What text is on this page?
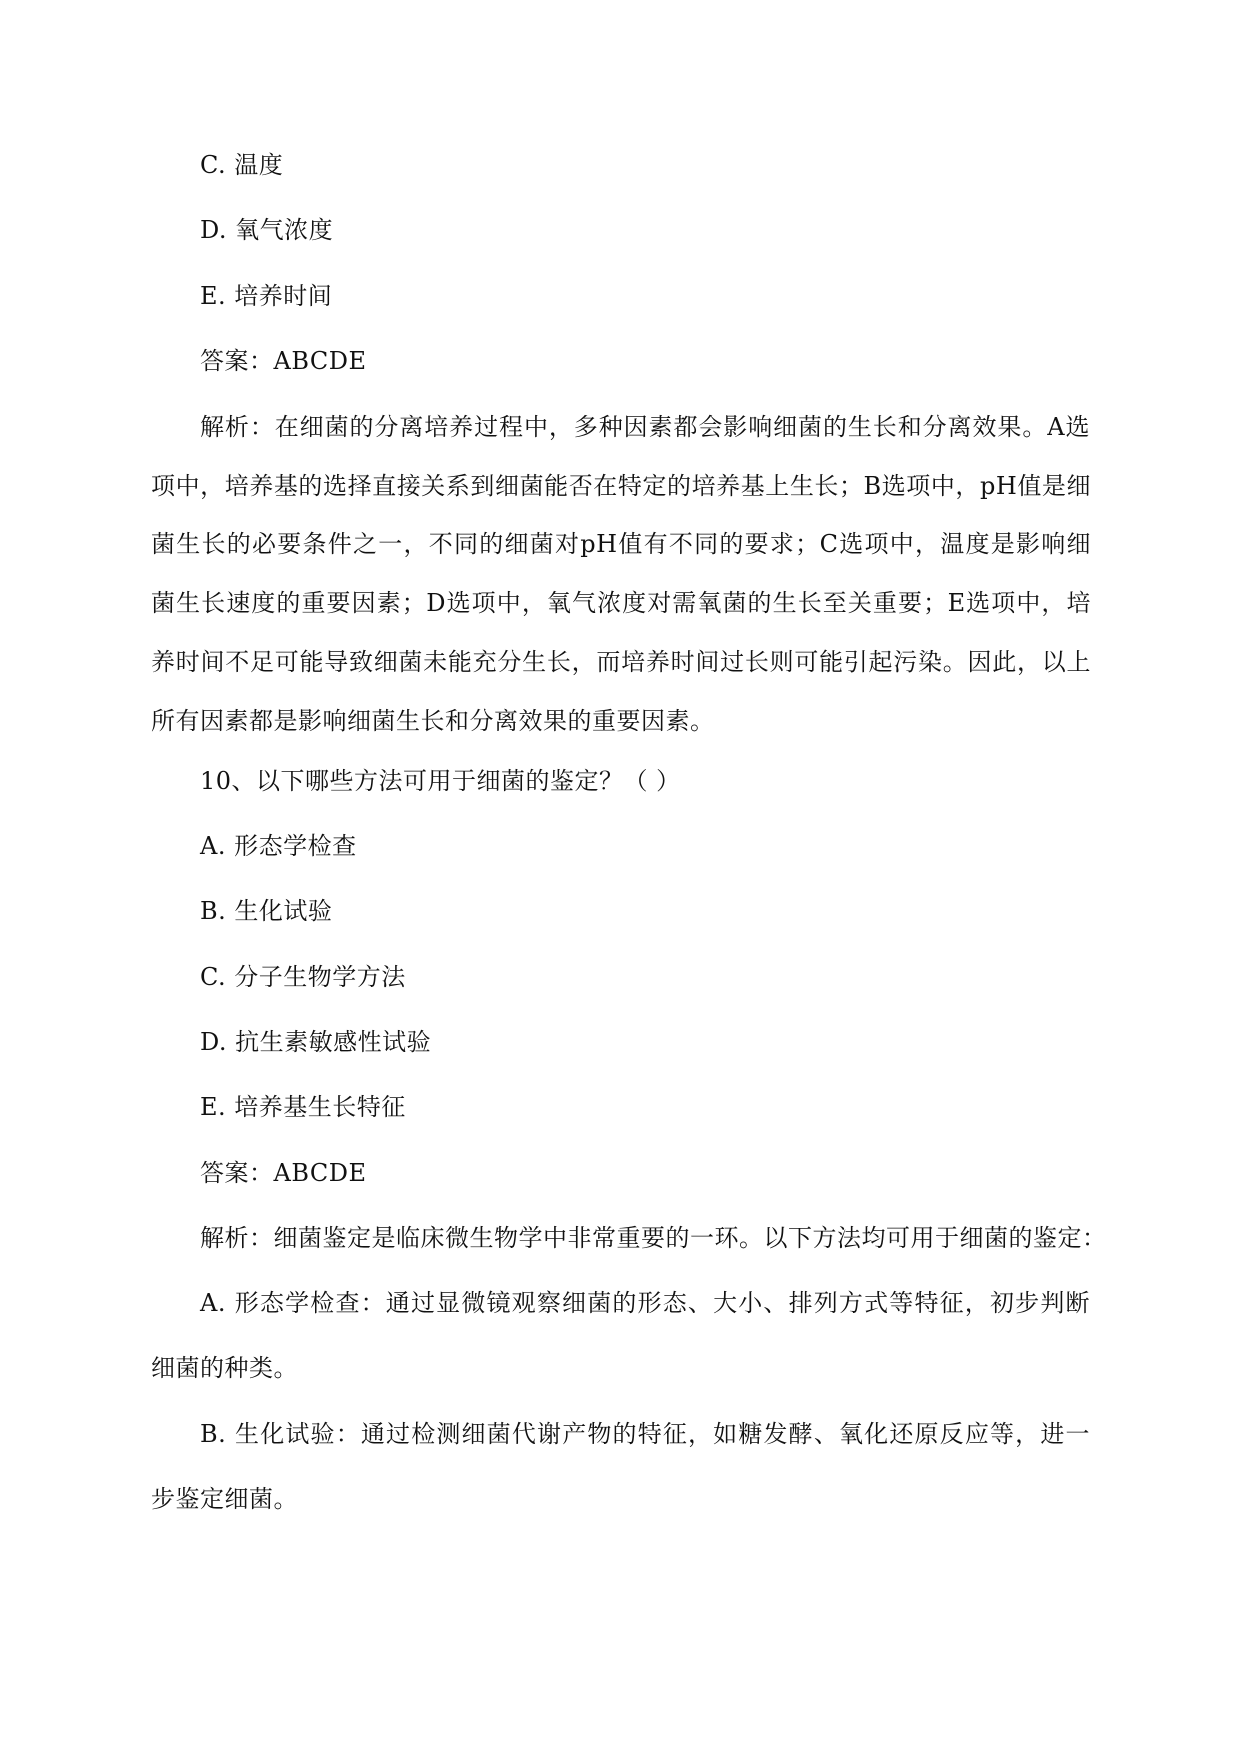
C. 温度
D. 氧气浓度
E. 培养时间
答案：ABCDE
解析：在细菌的分离培养过程中，多种因素都会影响细菌的生长和分离效果。A选
项中，培养基的选择直接关系到细菌能否在特定的培养基上生长；B选项中，pH值是细
菌生长的必要条件之一，不同的细菌对pH值有不同的要求；C选项中，温度是影响细
菌生长速度的重要因素；D选项中，氧气浓度对需氧菌的生长至关重要；E选项中，培
养时间不足可能导致细菌未能充分生长，而培养时间过长则可能引起污染。因此，以上
所有因素都是影响细菌生长和分离效果的重要因素。
10、以下哪些方法可用于细菌的鉴定？（ ）
A. 形态学检查
B. 生化试验
C. 分子生物学方法
D. 抗生素敏感性试验
E. 培养基生长特征
答案：ABCDE
解析：细菌鉴定是临床微生物学中非常重要的一环。以下方法均可用于细菌的鉴定：
A. 形态学检查：通过显微镜观察细菌的形态、大小、排列方式等特征，初步判断
细菌的种类。
B. 生化试验：通过检测细菌代谢产物的特征，如糖发酵、氧化还原反应等，进一
步鉴定细菌。
